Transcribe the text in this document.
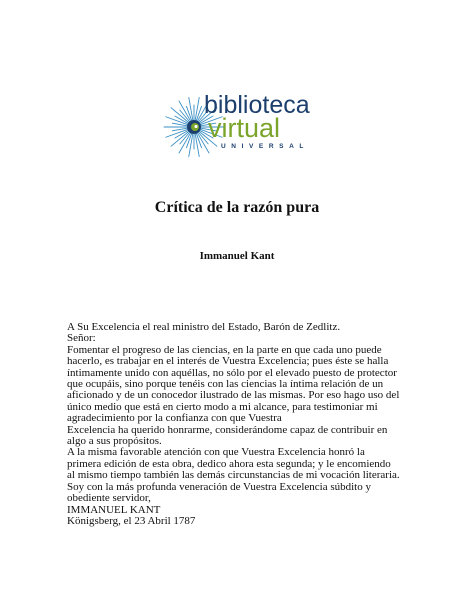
biblioteca
virtual
UNIVERSAL
Crítica de la razón pura
Immanuel Kant
A Su Excelencia el real ministro del Estado, Barón de Zedlitz.
Señor:
Fomentar el progreso de las ciencias, en la parte en que cada uno puede
hacerlo, es trabajar en el interés de Vuestra Excelencia; pues éste se halla
íntimamente unido con aquéllas, no sólo por el elevado puesto de protector
que ocupáis, sino porque tenéis con las ciencias la íntima relación de un
aficionado y de un conocedor ilustrado de las mismas. Por eso hago uso del
único medio que está en cierto modo a mi alcance, para testimoniar mi
agradecimiento por la confianza con que Vuestra
Excelencia ha querido honrarme, considerándome capaz de contribuir en
algo a sus propósitos.
A la misma favorable atención con que Vuestra Excelencia honró la
primera edición de esta obra, dedico ahora esta segunda; y le encomiendo
al mismo tiempo también las demás circunstancias de mi vocación literaria.
Soy con la más profunda veneración de Vuestra Excelencia súbdito y
obediente servidor,
IMMANUEL KANT
Königsberg, el 23 Abril 1787
